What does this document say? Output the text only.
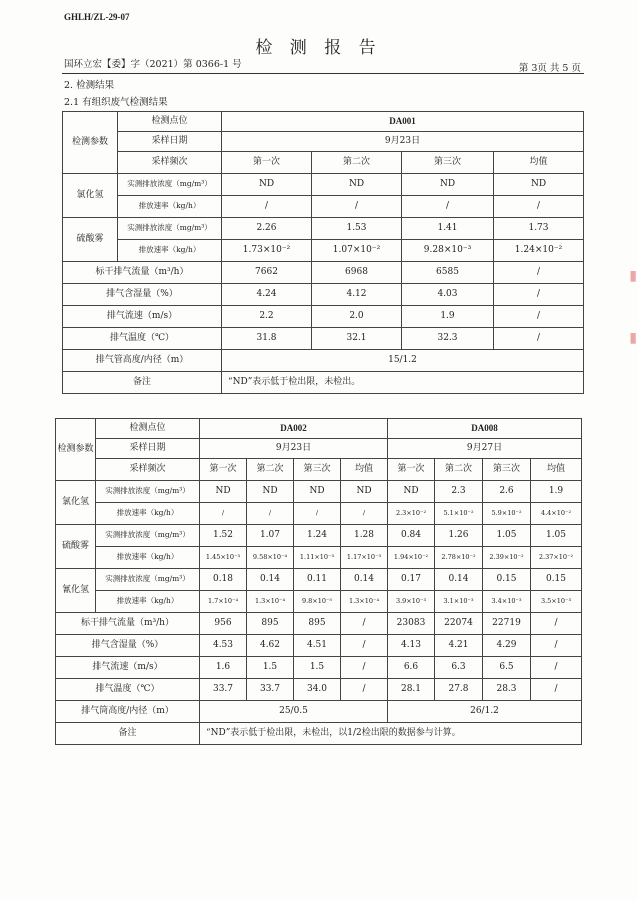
GHLH/ZL-29-07
检 测 报 告
国环立宏【委】字（2021）第 0366-1 号	第 3页 共 5 页
2. 检测结果
2.1 有组织废气检测结果
▮
▮
检测参数	检测点位	DA001			
	采样日期	9月23日			
	采样频次	第一次	第二次	第三次	均值
氯化氢	实测排放浓度（mg/m³）	ND	ND	ND	ND
	排放速率（kg/h）	/	/	/	/
硫酸雾	实测排放浓度（mg/m³）	2.26	1.53	1.41	1.73
	排放速率（kg/h）	1.73×10⁻²	1.07×10⁻²	9.28×10⁻³	1.24×10⁻²
标干排气流量（m³/h）		7662	6968	6585	/
排气含湿量（%）		4.24	4.12	4.03	/
排气流速（m/s）		2.2	2.0	1.9	/
排气温度（℃）		31.8	32.1	32.3	/
排气管高度/内径（m）		15/1.2			
备注		“ND”表示低于检出限，未检出。			
检测参数	检测点位	DA002				DA008			
	采样日期	9月23日				9月27日			
	采样频次	第一次	第二次	第三次	均值	第一次	第二次	第三次	均值
氯化氢	实测排放浓度（mg/m³）	ND	ND	ND	ND	ND	2.3	2.6	1.9
	排放速率（kg/h）	/	/	/	/	2.3×10⁻²	5.1×10⁻²	5.9×10⁻²	4.4×10⁻²
硫酸雾	实测排放浓度（mg/m³）	1.52	1.07	1.24	1.28	0.84	1.26	1.05	1.05
	排放速率（kg/h）	1.45×10⁻³	9.58×10⁻⁴	1.11×10⁻³	1.17×10⁻³	1.94×10⁻²	2.78×10⁻²	2.39×10⁻²	2.37×10⁻²
氰化氢	实测排放浓度（mg/m³）	0.18	0.14	0.11	0.14	0.17	0.14	0.15	0.15
	排放速率（kg/h）	1.7×10⁻⁴	1.3×10⁻⁴	9.8×10⁻⁵	1.3×10⁻⁴	3.9×10⁻³	3.1×10⁻³	3.4×10⁻³	3.5×10⁻³
标干排气流量（m³/h）		956	895	895	/	23083	22074	22719	/
排气含湿量（%）		4.53	4.62	4.51	/	4.13	4.21	4.29	/
排气流速（m/s）		1.6	1.5	1.5	/	6.6	6.3	6.5	/
排气温度（℃）		33.7	33.7	34.0	/	28.1	27.8	28.3	/
排气筒高度/内径（m）		25/0.5				26/1.2			
备注		“ND”表示低于检出限，未检出，以1/2检出限的数据参与计算。							
